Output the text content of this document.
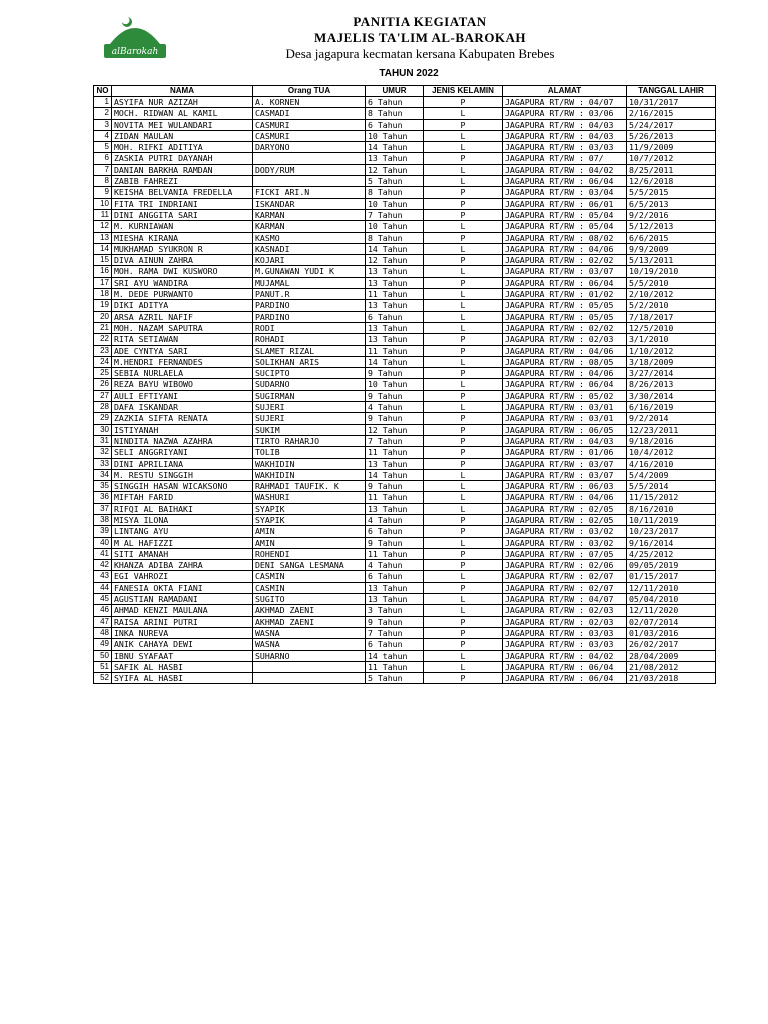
alBarokah
PANITIA KEGIATAN
MAJELIS TA'LIM AL-BAROKAH
Desa jagapura kecmatan kersana Kabupaten Brebes
TAHUN 2022
NO	NAMA	Orang TUA	UMUR	JENIS KELAMIN	ALAMAT	TANGGAL LAHIR
1	ASYIFA NUR AZIZAH	A. KORNEN	6 Tahun	P	JAGAPURA RT/RW : 04/07	10/31/2017
2	MOCH. RIDWAN AL KAMIL	CASMADI	8 Tahun	L	JAGAPURA RT/RW : 03/06	2/16/2015
3	NOVITA MEI WULANDARI	CASMURI	6 Tahun	P	JAGAPURA RT/RW : 04/03	5/24/2017
4	ZIDAN MAULAN	CASMURI	10 Tahun	L	JAGAPURA RT/RW : 04/03	5/26/2013
5	MOH. RIFKI ADITIYA	DARYONO	14 Tahun	L	JAGAPURA RT/RW : 03/03	11/9/2009
6	ZASKIA PUTRI DAYANAH		13 Tahun	P	JAGAPURA RT/RW : 07/	10/7/2012
7	DANIAN BARKHA RAMDAN	DODY/RUM	12 Tahun	L	JAGAPURA RT/RW : 04/02	8/25/2011
8	ZABIB FAHREZI		5 Tahun	L	JAGAPURA RT/RW : 06/04	12/6/2018
9	KEISHA BELVANIA FREDELLA	FICKI ARI.N	8 Tahun	P	JAGAPURA RT/RW : 03/04	5/5/2015
10	FITA TRI INDRIANI	ISKANDAR	10 Tahun	P	JAGAPURA RT/RW : 06/01	6/5/2013
11	DINI ANGGITA SARI	KARMAN	7 Tahun	P	JAGAPURA RT/RW : 05/04	9/2/2016
12	M. KURNIAWAN	KARMAN	10 Tahun	L	JAGAPURA RT/RW : 05/04	5/12/2013
13	MIESHA KIRANA	KASMO	8 Tahun	P	JAGAPURA RT/RW : 08/02	6/6/2015
14	MUKHAMAD SYUKRON R	KASNADI	14 Tahun	L	JAGAPURA RT/RW : 04/06	9/9/2009
15	DIVA AINUN ZAHRA	KOJARI	12 Tahun	P	JAGAPURA RT/RW : 02/02	5/13/2011
16	MOH. RAMA DWI KUSWORO	M.GUNAWAN YUDI K	13 Tahun	L	JAGAPURA RT/RW : 03/07	10/19/2010
17	SRI AYU WANDIRA	MUJAMAL	13 Tahun	P	JAGAPURA RT/RW : 06/04	5/5/2010
18	M. DEDE PURWANTO	PANUT.R	11 Tahun	L	JAGAPURA RT/RW : 01/02	2/10/2012
19	DIKI ADITYA	PARDINO	13 Tahun	L	JAGAPURA RT/RW : 05/05	5/2/2010
20	ARSA AZRIL NAFIF	PARDINO	6 Tahun	L	JAGAPURA RT/RW : 05/05	7/18/2017
21	MOH. NAZAM SAPUTRA	RODI	13 Tahun	L	JAGAPURA RT/RW : 02/02	12/5/2010
22	RITA SETIAWAN	ROHADI	13 Tahun	P	JAGAPURA RT/RW : 02/03	3/1/2010
23	ADE CYNTYA SARI	SLAMET RIZAL	11 Tahun	P	JAGAPURA RT/RW : 04/06	1/10/2012
24	M.HENDRI FERNANDES	SOLIKHAN ARIS	14 Tahun	L	JAGAPURA RT/RW : 08/05	3/18/2009
25	SEBIA NURLAELA	SUCIPTO	9 Tahun	P	JAGAPURA RT/RW : 04/06	3/27/2014
26	REZA BAYU WIBOWO	SUDARNO	10 Tahun	L	JAGAPURA RT/RW : 06/04	8/26/2013
27	AULI EFTIYANI	SUGIRMAN	9 Tahun	P	JAGAPURA RT/RW : 05/02	3/30/2014
28	DAFA ISKANDAR	SUJERI	4 Tahun	L	JAGAPURA RT/RW : 03/01	6/16/2019
29	ZAZKIA SIFTA RENATA	SUJERI	9 Tahun	P	JAGAPURA RT/RW : 03/01	9/2/2014
30	ISTIYANAH	SUKIM	12 Tahun	P	JAGAPURA RT/RW : 06/05	12/23/2011
31	NINDITA NAZWA AZAHRA	TIRTO RAHARJO	7 Tahun	P	JAGAPURA RT/RW : 04/03	9/18/2016
32	SELI ANGGRIYANI	TOLIB	11 Tahun	P	JAGAPURA RT/RW : 01/06	10/4/2012
33	DINI APRILIANA	WAKHIDIN	13 Tahun	P	JAGAPURA RT/RW : 03/07	4/16/2010
34	M. RESTU SINGGIH	WAKHIDIN	14 Tahun	L	JAGAPURA RT/RW : 03/07	5/4/2009
35	SINGGIH HASAN WICAKSONO	RAHMADI TAUFIK. K	9 Tahun	L	JAGAPURA RT/RW : 06/03	5/5/2014
36	MIFTAH FARID	WASHURI	11 Tahun	L	JAGAPURA RT/RW : 04/06	11/15/2012
37	RIFQI AL BAIHAKI	SYAPIK	13 Tahun	L	JAGAPURA RT/RW : 02/05	8/16/2010
38	MISYA ILONA	SYAPIK	4 Tahun	P	JAGAPURA RT/RW : 02/05	10/11/2019
39	LINTANG AYU	AMIN	6 Tahun	P	JAGAPURA RT/RW : 03/02	10/23/2017
40	M AL HAFIZZI	AMIN	9 Tahun	L	JAGAPURA RT/RW : 03/02	9/16/2014
41	SITI AMANAH	ROHENDI	11 Tahun	P	JAGAPURA RT/RW : 07/05	4/25/2012
42	KHANZA ADIBA ZAHRA	DENI SANGA LESMANA	4 Tahun	P	JAGAPURA RT/RW : 02/06	09/05/2019
43	EGI VAHROZI	CASMIN	6 Tahun	L	JAGAPURA RT/RW : 02/07	01/15/2017
44	FANESIA OKTA FIANI	CASMIN	13 Tahun	P	JAGAPURA RT/RW : 02/07	12/11/2010
45	AGUSTIAN RAMADANI	SUGITO	13 Tahun	L	JAGAPURA RT/RW : 04/07	05/04/2010
46	AHMAD KENZI MAULANA	AKHMAD ZAENI	3 Tahun	L	JAGAPURA RT/RW : 02/03	12/11/2020
47	RAISA ARINI PUTRI	AKHMAD ZAENI	9 Tahun	P	JAGAPURA RT/RW : 02/03	02/07/2014
48	INKA NUREVA	WASNA	7 Tahun	P	JAGAPURA RT/RW : 03/03	01/03/2016
49	ANIK CAHAYA DEWI	WASNA	6 Tahun	P	JAGAPURA RT/RW : 03/03	26/02/2017
50	IBNU SYAFAAT	SUHARNO	14 tahun	L	JAGAPURA RT/RW : 04/02	28/04/2009
51	SAFIK AL HASBI		11 Tahun	L	JAGAPURA RT/RW : 06/04	21/08/2012
52	SYIFA AL HASBI		5 Tahun	P	JAGAPURA RT/RW : 06/04	21/03/2018
